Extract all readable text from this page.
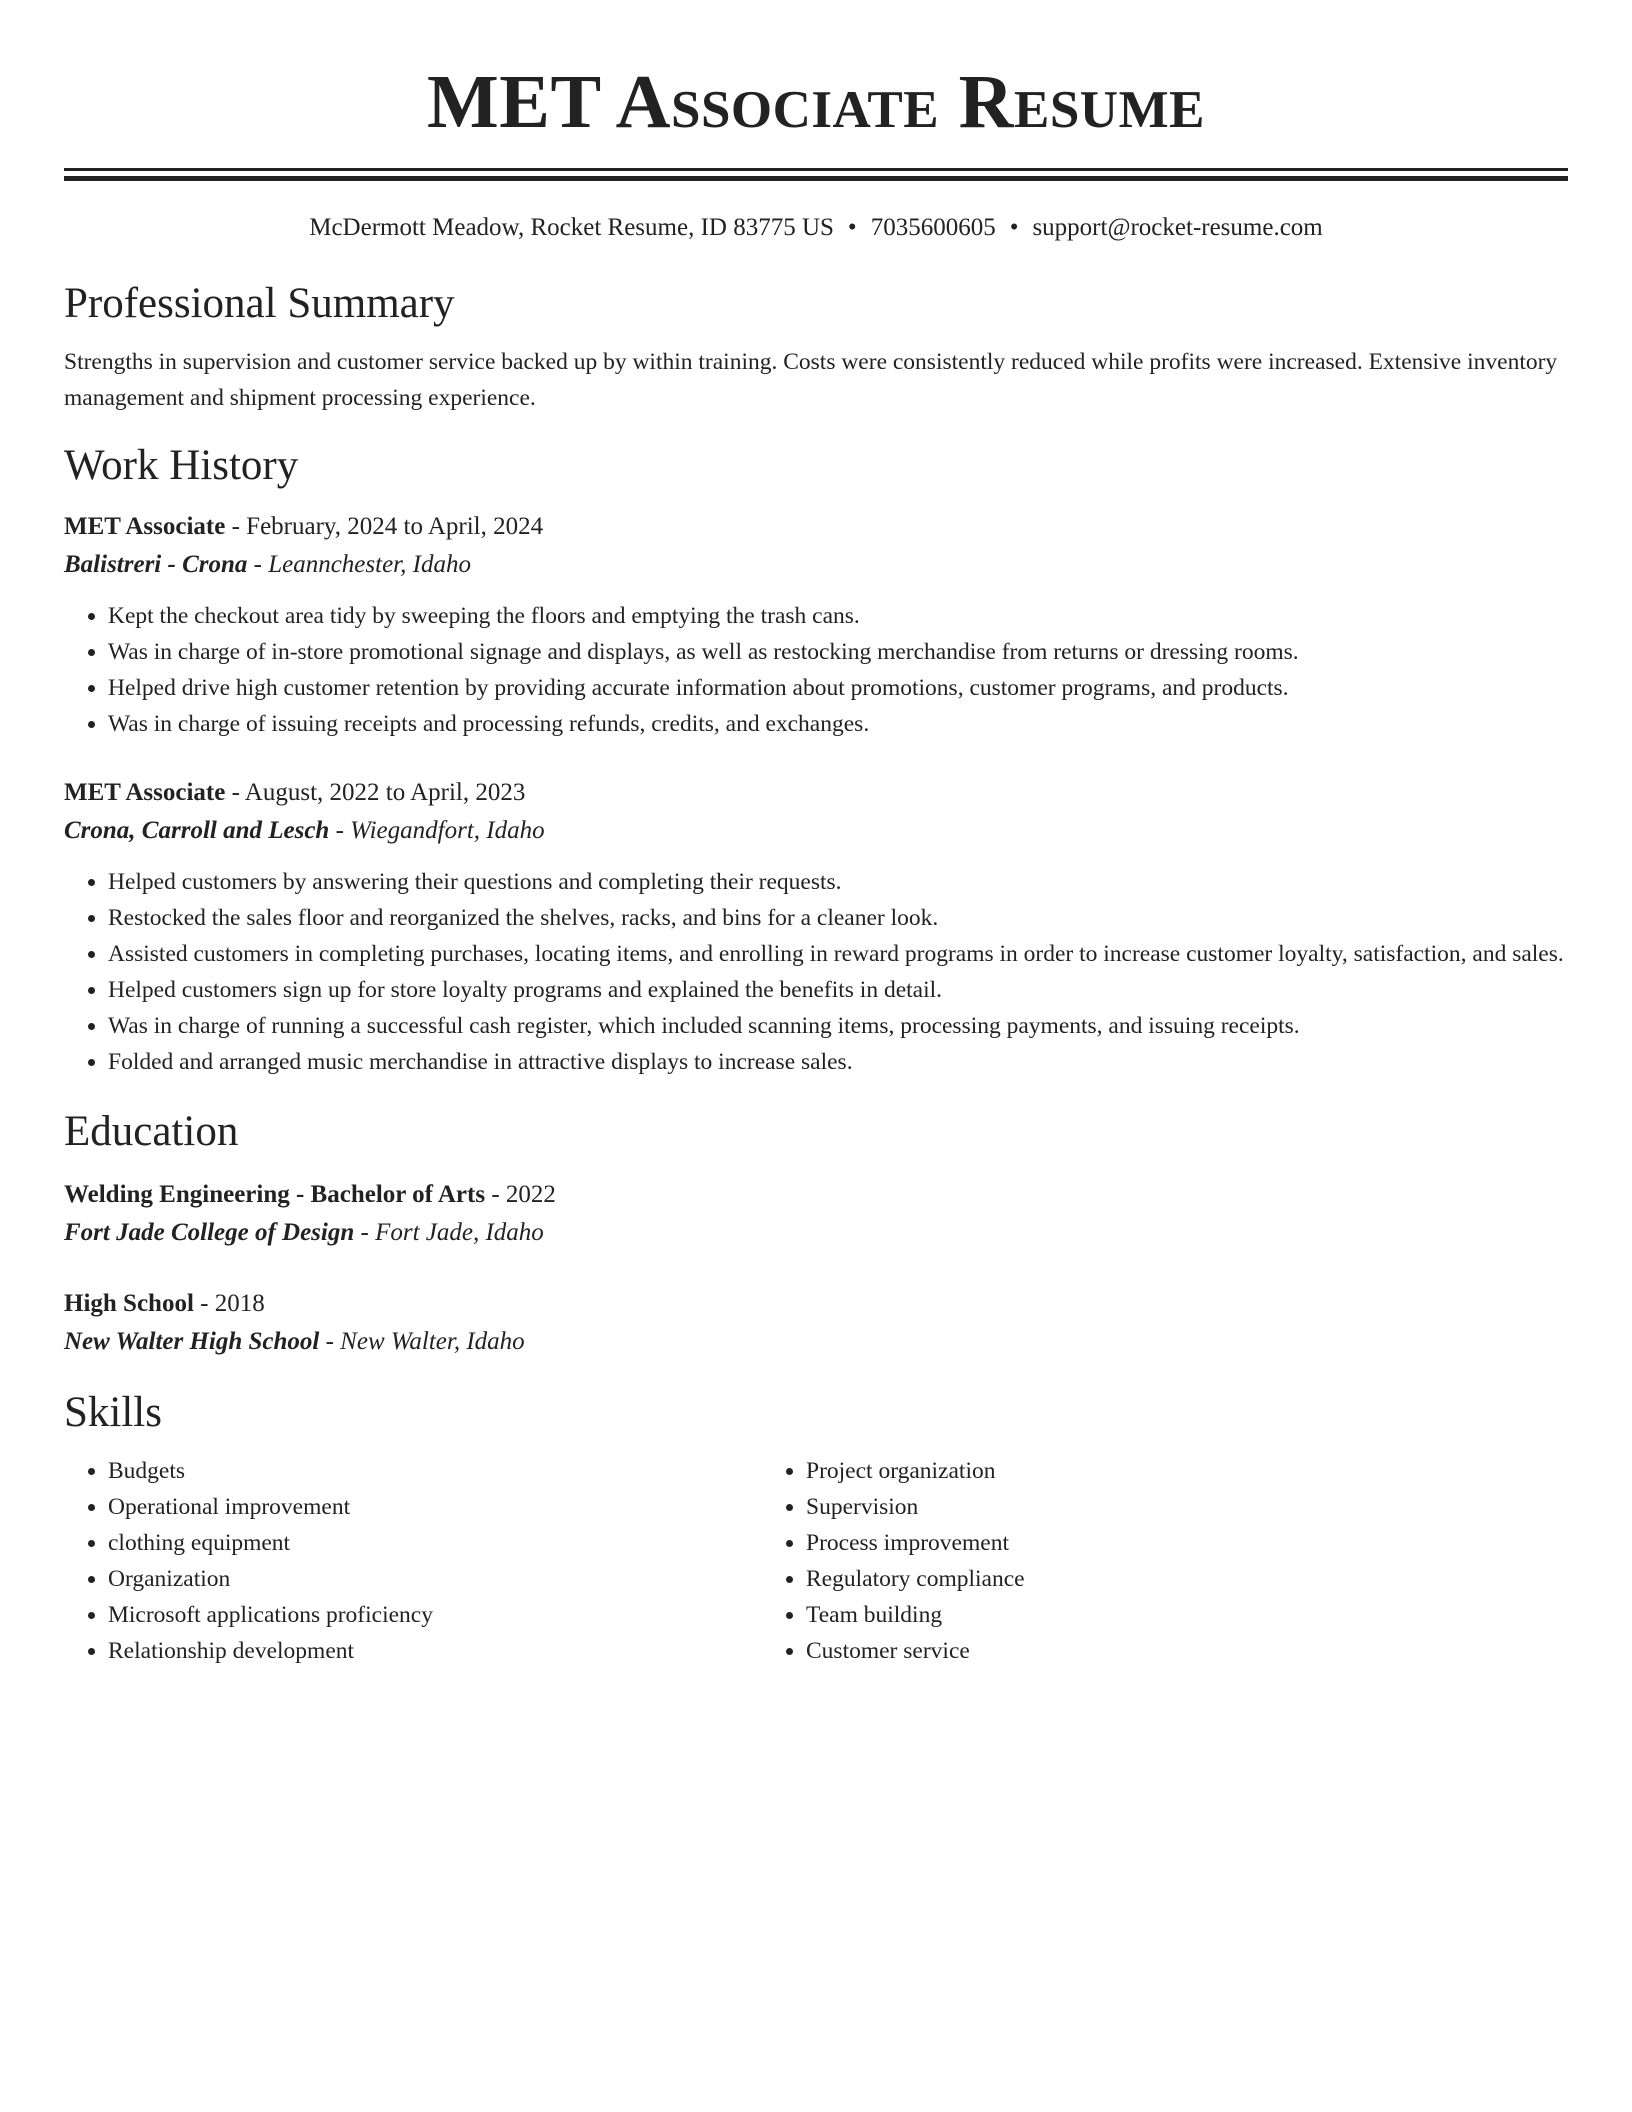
MET Associate Resume
McDermott Meadow, Rocket Resume, ID 83775 US • 7035600605 • support@rocket-resume.com
Professional Summary

Strengths in supervision and customer service backed up by within training. Costs were consistently reduced while profits were increased. Extensive inventory management and shipment processing experience.

Work History
MET Associate - February, 2024 to April, 2024
Balistreri - Crona - Leannchester, Idaho
• Kept the checkout area tidy by sweeping the floors and emptying the trash cans.
• Was in charge of in-store promotional signage and displays, as well as restocking merchandise from returns or dressing rooms.
• Helped drive high customer retention by providing accurate information about promotions, customer programs, and products.
• Was in charge of issuing receipts and processing refunds, credits, and exchanges.
MET Associate - August, 2022 to April, 2023
Crona, Carroll and Lesch - Wiegandfort, Idaho
• Helped customers by answering their questions and completing their requests.
• Restocked the sales floor and reorganized the shelves, racks, and bins for a cleaner look.
• Assisted customers in completing purchases, locating items, and enrolling in reward programs in order to increase customer loyalty, satisfaction, and sales.
• Helped customers sign up for store loyalty programs and explained the benefits in detail.
• Was in charge of running a successful cash register, which included scanning items, processing payments, and issuing receipts.
• Folded and arranged music merchandise in attractive displays to increase sales.
Education
Welding Engineering - Bachelor of Arts - 2022
Fort Jade College of Design - Fort Jade, Idaho
High School - 2018
New Walter High School - New Walter, Idaho
Skills
• Budgets
• Operational improvement
• clothing equipment
• Organization
• Microsoft applications proficiency
• Relationship development
• Project organization
• Supervision
• Process improvement
• Regulatory compliance
• Team building
• Customer service
